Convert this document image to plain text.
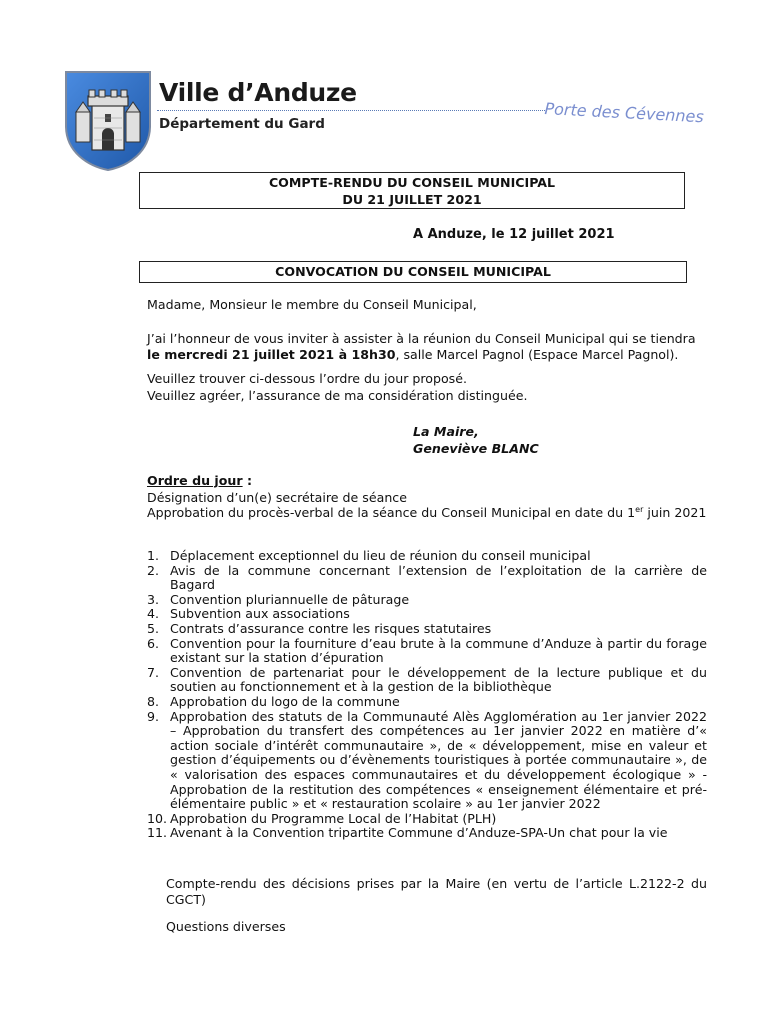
Ville d’Anduze
Département du Gard	Porte des Cévennes
COMPTE-RENDU DU CONSEIL MUNICIPAL
DU 21 JUILLET 2021
A Anduze, le 12 juillet 2021
CONVOCATION DU CONSEIL MUNICIPAL
Madame, Monsieur le membre du Conseil Municipal,
J’ai l’honneur de vous inviter à assister à la réunion du Conseil Municipal qui se tiendra
le mercredi 21 juillet 2021 à 18h30, salle Marcel Pagnol (Espace Marcel Pagnol).
Veuillez trouver ci-dessous l’ordre du jour proposé.
Veuillez agréer, l’assurance de ma considération distinguée.
La Maire,
Geneviève BLANC
Ordre du jour :
Désignation d’un(e) secrétaire de séance
Approbation du procès-verbal de la séance du Conseil Municipal en date du 1er juin 2021
1. Déplacement exceptionnel du lieu de réunion du conseil municipal
2. Avis de la commune concernant l’extension de l’exploitation de la carrière de Bagard
3. Convention pluriannuelle de pâturage
4. Subvention aux associations
5. Contrats d’assurance contre les risques statutaires
6. Convention pour la fourniture d’eau brute à la commune d’Anduze à partir du forage existant sur la station d’épuration
7. Convention de partenariat pour le développement de la lecture publique et du soutien au fonctionnement et à la gestion de la bibliothèque
8. Approbation du logo de la commune
9. Approbation des statuts de la Communauté Alès Agglomération au 1er janvier 2022 – Approbation du transfert des compétences au 1er janvier 2022 en matière d’« action sociale d’intérêt communautaire », de « développement, mise en valeur et gestion d’équipements ou d’évènements touristiques à portée communautaire », de « valorisation des espaces communautaires et du développement écologique » - Approbation de la restitution des compétences « enseignement élémentaire et pré-élémentaire public » et « restauration scolaire » au 1er janvier 2022
10. Approbation du Programme Local de l’Habitat (PLH)
11. Avenant à la Convention tripartite Commune d’Anduze-SPA-Un chat pour la vie
Compte-rendu des décisions prises par la Maire (en vertu de l’article L.2122-2 du CGCT)
Questions diverses
